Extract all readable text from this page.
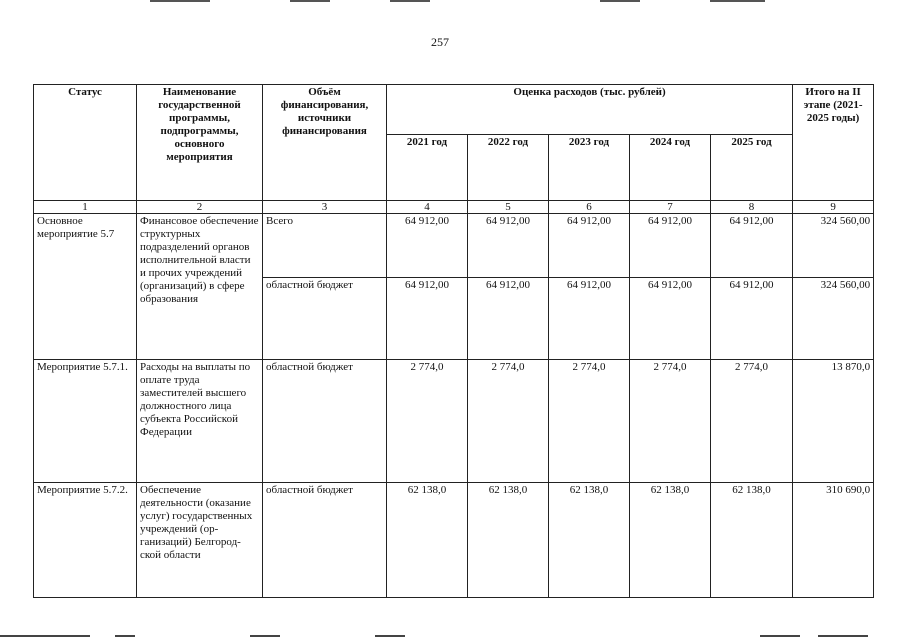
257
Статус	Наименование государственной программы, подпрограммы, основного мероприятия	Объём финансирования, источники финансирования	Оценка расходов (тыс. рублей)					Итого на II этапе (2021-2025 годы)
			2021 год	2022 год	2023 год	2024 год	2025 год	
1	2	3	4	5	6	7	8	9
Основное мероприятие 5.7	Финансовое обеспечение структурных подразделений органов исполнительной власти и прочих учреждений (организаций) в сфере образования	Всего	64 912,00	64 912,00	64 912,00	64 912,00	64 912,00	324 560,00
		областной бюджет	64 912,00	64 912,00	64 912,00	64 912,00	64 912,00	324 560,00
Мероприятие 5.7.1.	Расходы на выплаты по оплате труда заместителей высшего должностного лица субъекта Российской Федерации	областной бюджет	2 774,0	2 774,0	2 774,0	2 774,0	2 774,0	13 870,0
Мероприятие 5.7.2.	Обеспечение деятельности (оказание услуг) государственных учреждений (ор-ганизаций) Белгород-ской области	областной бюджет	62 138,0	62 138,0	62 138,0	62 138,0	62 138,0	310 690,0
